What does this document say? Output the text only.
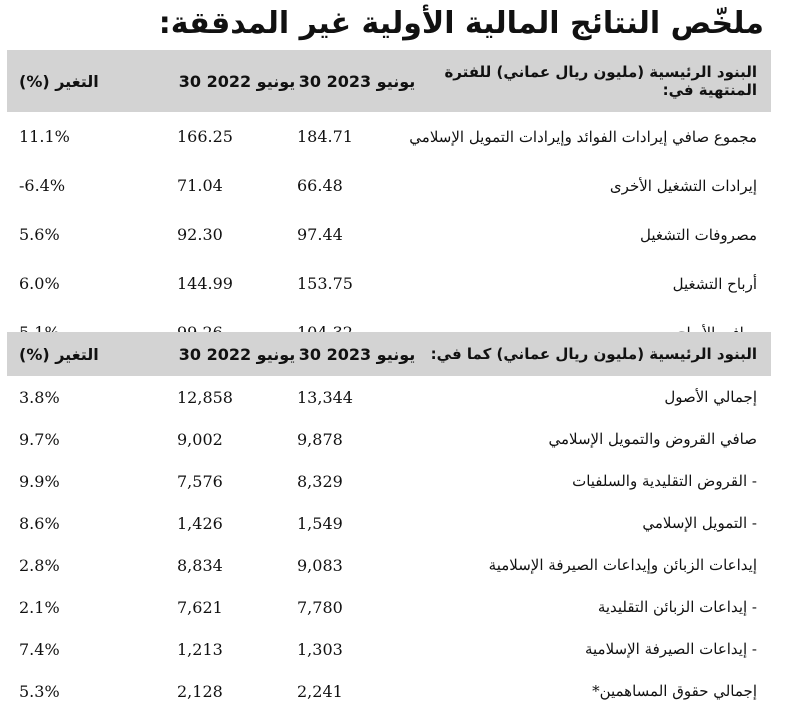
ملخّص النتائج المالية الأولية غير المدققة:
البنود الرئيسية (مليون ريال عماني) للفترة المنتهية في:	30 يونيو 2023	30 يونيو 2022	التغير (%)
مجموع صافي إيرادات الفوائد وإيرادات التمويل الإسلامي	184.71	166.25	11.1%
إيرادات التشغيل الأخرى	66.48	71.04	-6.4%
مصروفات التشغيل	97.44	92.30	5.6%
أرباح التشغيل	153.75	144.99	6.0%
صافي الأرباح	104.32	99.26	5.1%
البنود الرئيسية (مليون ريال عماني) كما في:	30 يونيو 2023	30 يونيو 2022	التغير (%)
إجمالي الأصول	13,344	12,858	3.8%
صافي القروض والتمويل الإسلامي	9,878	9,002	9.7%
- القروض التقليدية والسلفيات	8,329	7,576	9.9%
- التمويل الإسلامي	1,549	1,426	8.6%
إيداعات الزبائن وإيداعات الصيرفة الإسلامية	9,083	8,834	2.8%
- إيداعات الزبائن التقليدية	7,780	7,621	2.1%
- إيداعات الصيرفة الإسلامية	1,303	1,213	7.4%
إجمالي حقوق المساهمين*	2,241	2,128	5.3%
